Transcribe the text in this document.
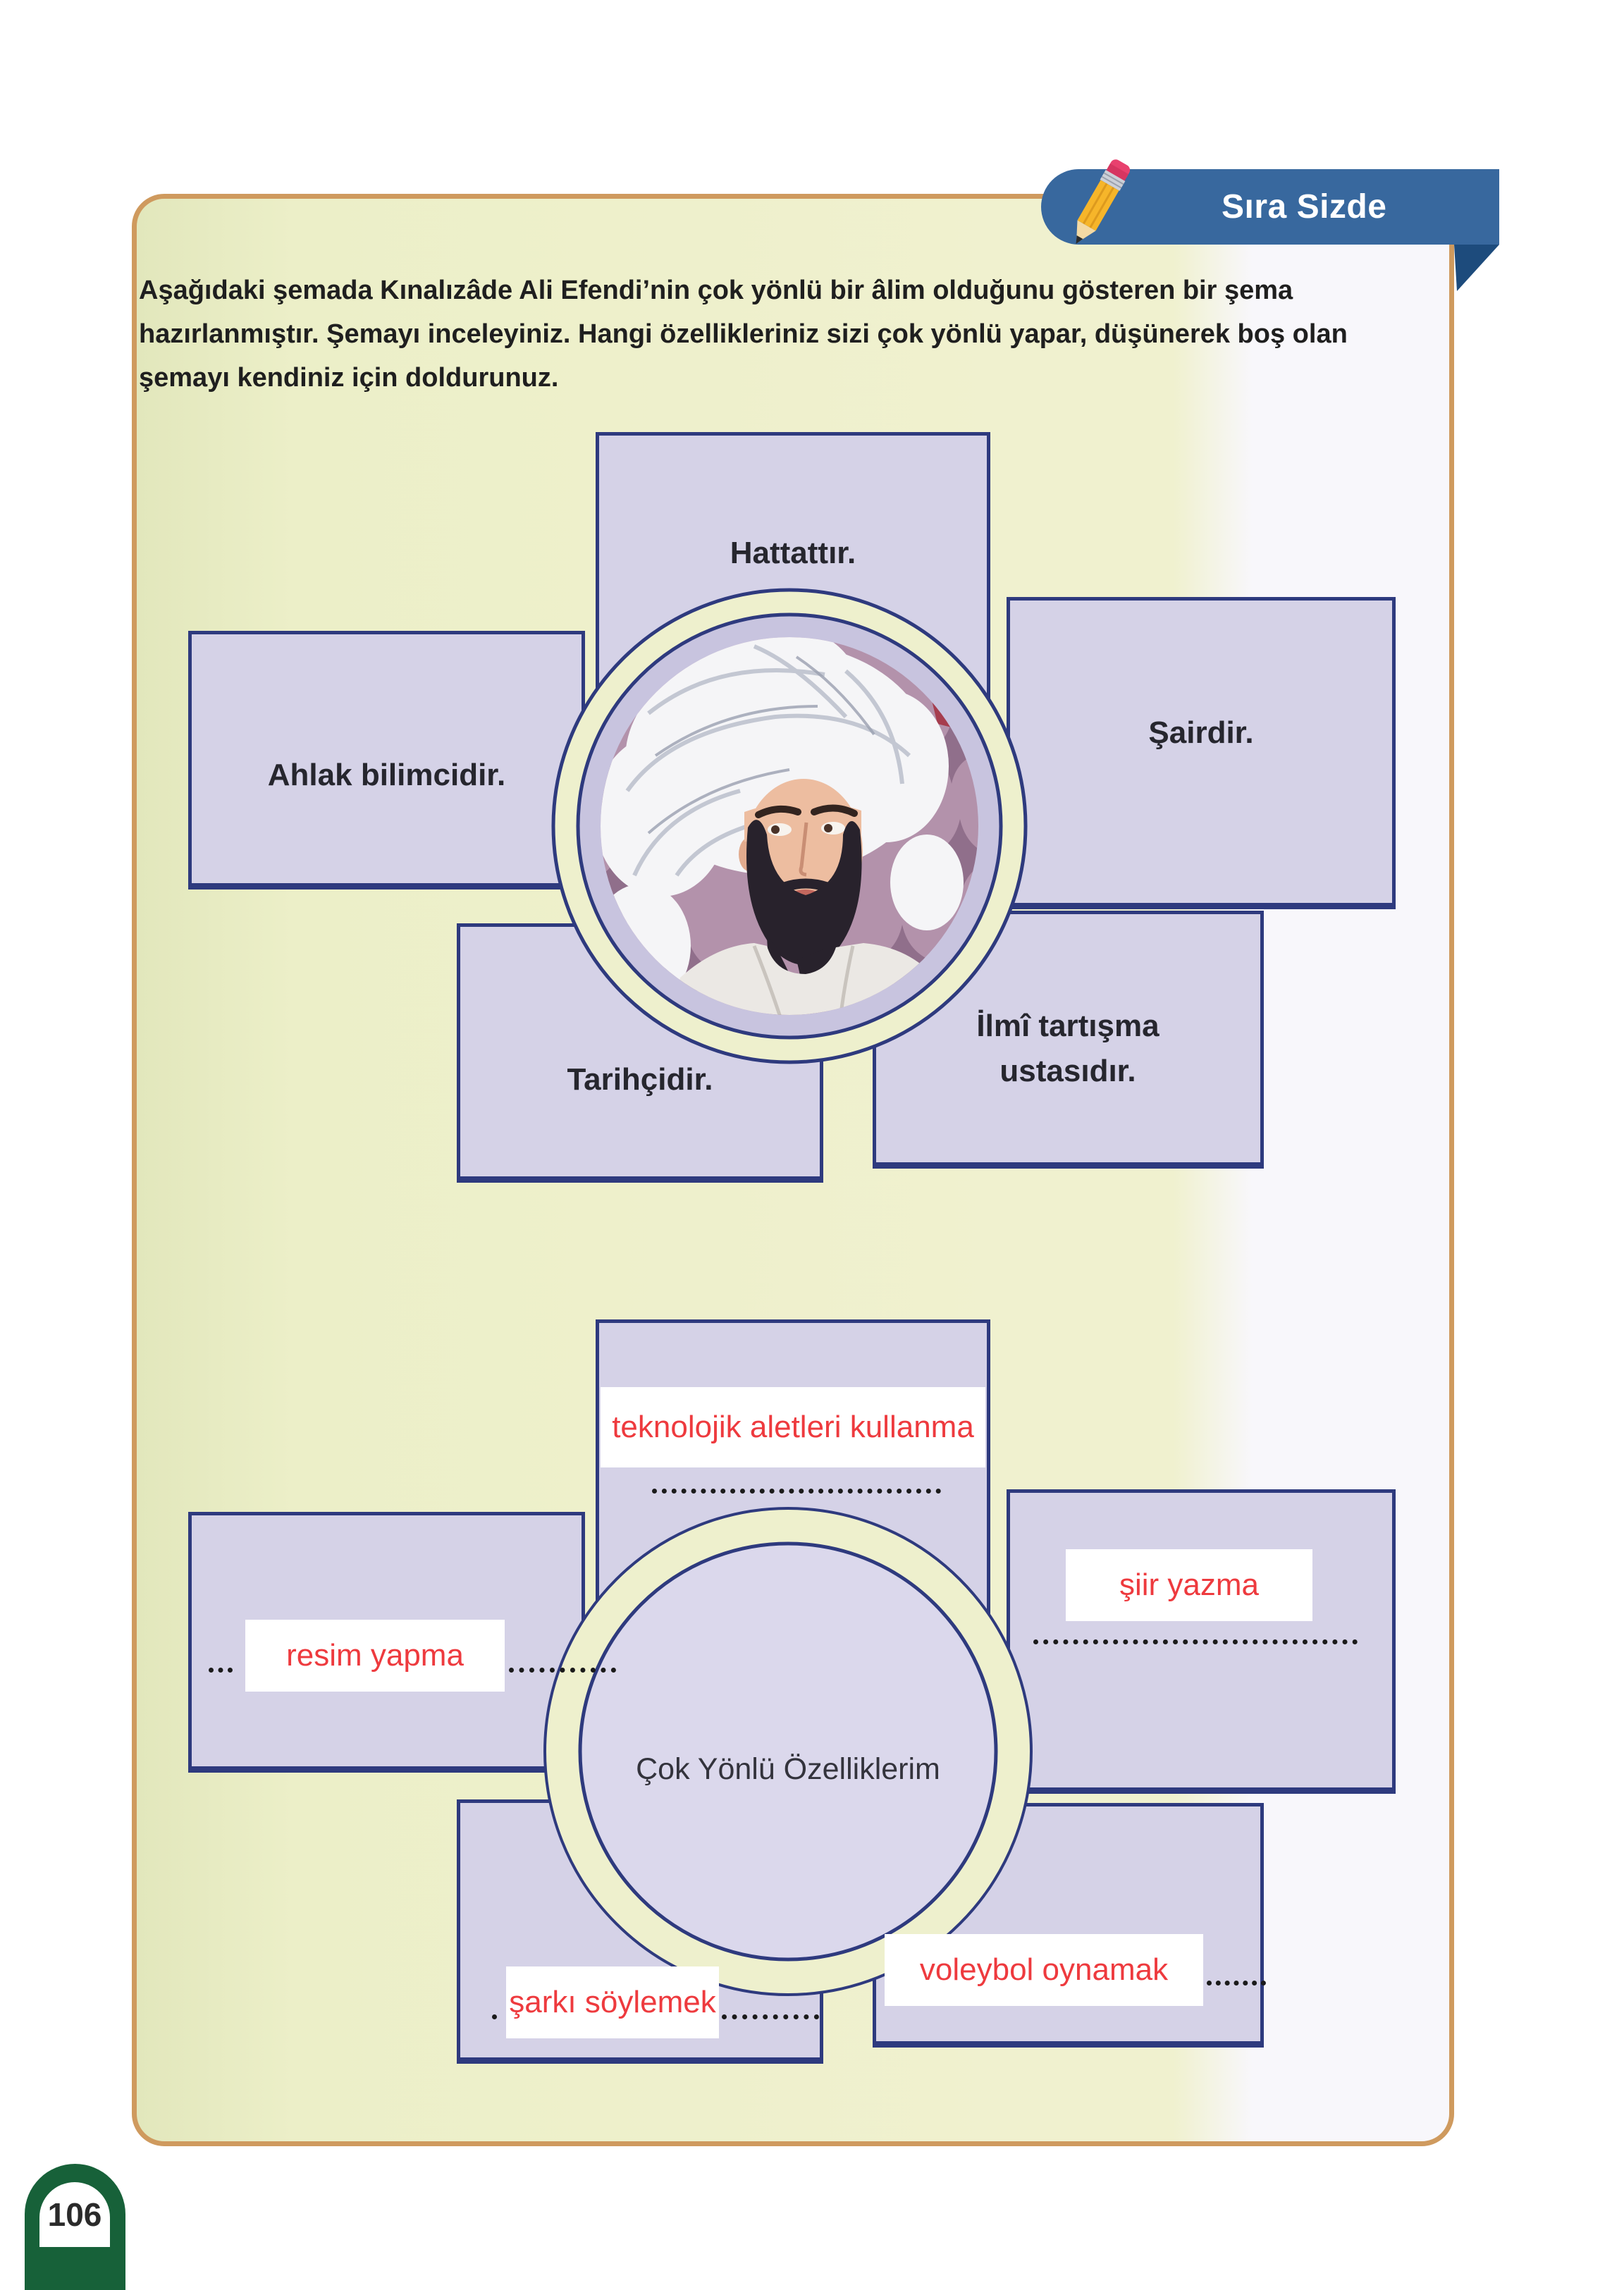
Sıra Sizde
Aşağıdaki şemada Kınalızâde Ali Efendi’nin çok yönlü bir âlim olduğunu gösteren bir şema
hazırlanmıştır. Şemayı inceleyiniz. Hangi özellikleriniz sizi çok yönlü yapar, düşünerek boş olan
şemayı kendiniz için doldurunuz.
Hattattır.
Şairdir.
Ahlak bilimcidir.
Tarihçidir.
İlmî tartışma ustasıdır.
Çok Yönlü Özelliklerim
teknolojik aletleri kullanma
şiir yazma
resim yapma
şarkı söylemek
voleybol oynamak
106
